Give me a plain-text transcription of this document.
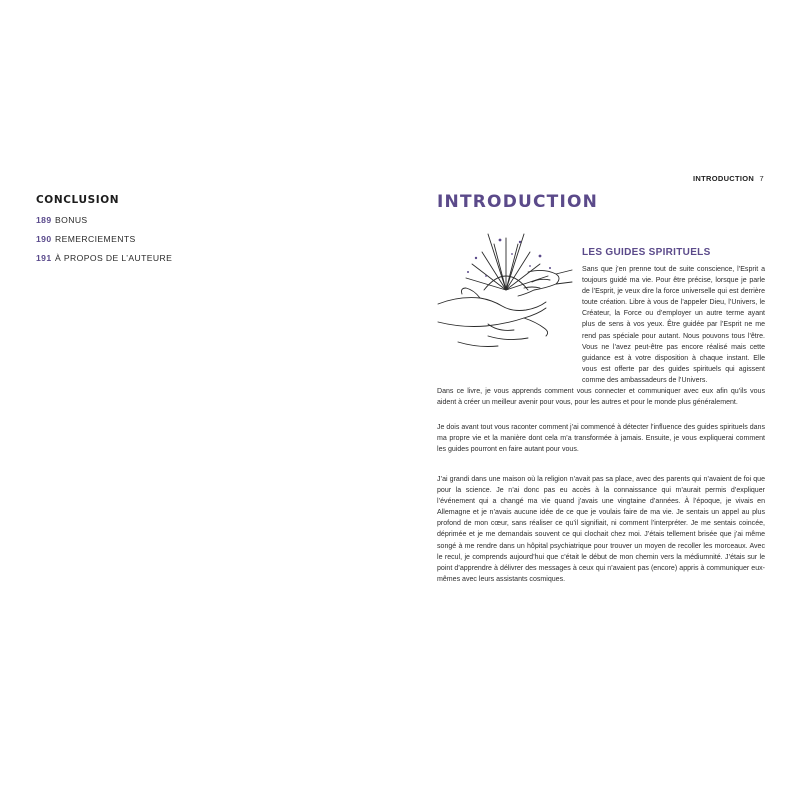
CONCLUSION
189 BONUS
190 REMERCIEMENTS
191 À PROPOS DE L’AUTEURE
INTRODUCTION 7
INTRODUCTION
LES GUIDES SPIRITUELS

Sans que j’en prenne tout de suite conscience, l’Esprit a toujours guidé ma vie. Pour être précise, lorsque je parle de l’Esprit, je veux dire la force universelle qui est derrière toute création. Libre à vous de l’appeler Dieu, l’Univers, le Créateur, la Force ou d’employer un autre terme ayant plus de sens à vos yeux. Être guidée par l’Esprit ne me rend pas spéciale pour autant. Nous pouvons tous l’être. Vous ne l’avez peut-être pas encore réalisé mais cette guidance est à votre disposition à chaque instant. Elle vous est offerte par des guides spirituels qui agissent comme des ambassadeurs de l’Univers.

Dans ce livre, je vous apprends comment vous connecter et communiquer avec eux afin qu’ils vous aident à créer un meilleur avenir pour vous, pour les autres et pour le monde plus généralement.

Je dois avant tout vous raconter comment j’ai commencé à détecter l’influence des guides spirituels dans ma propre vie et la manière dont cela m’a transformée à jamais. Ensuite, je vous expliquerai comment les guides pourront en faire autant pour vous.

J’ai grandi dans une maison où la religion n’avait pas sa place, avec des parents qui n’avaient de foi que pour la science. Je n’ai donc pas eu accès à la connaissance qui m’aurait permis d’expliquer l’événement qui a changé ma vie quand j’avais une vingtaine d’années. À l’époque, je vivais en Allemagne et je n’avais aucune idée de ce que je voulais faire de ma vie. Je sentais un appel au plus profond de mon cœur, sans réaliser ce qu’il signifiait, ni comment l’interpréter. Je me sentais coincée, déprimée et je me demandais souvent ce qui clochait chez moi. J’étais tellement brisée que j’ai même songé à me rendre dans un hôpital psychiatrique pour trouver un moyen de recoller les morceaux. Avec le recul, je comprends aujourd’hui que c’était le début de mon chemin vers la médiumnité. J’étais sur le point d’apprendre à délivrer des messages à ceux qui n’avaient pas (encore) appris à communiquer eux-mêmes avec leurs assistants cosmiques.
